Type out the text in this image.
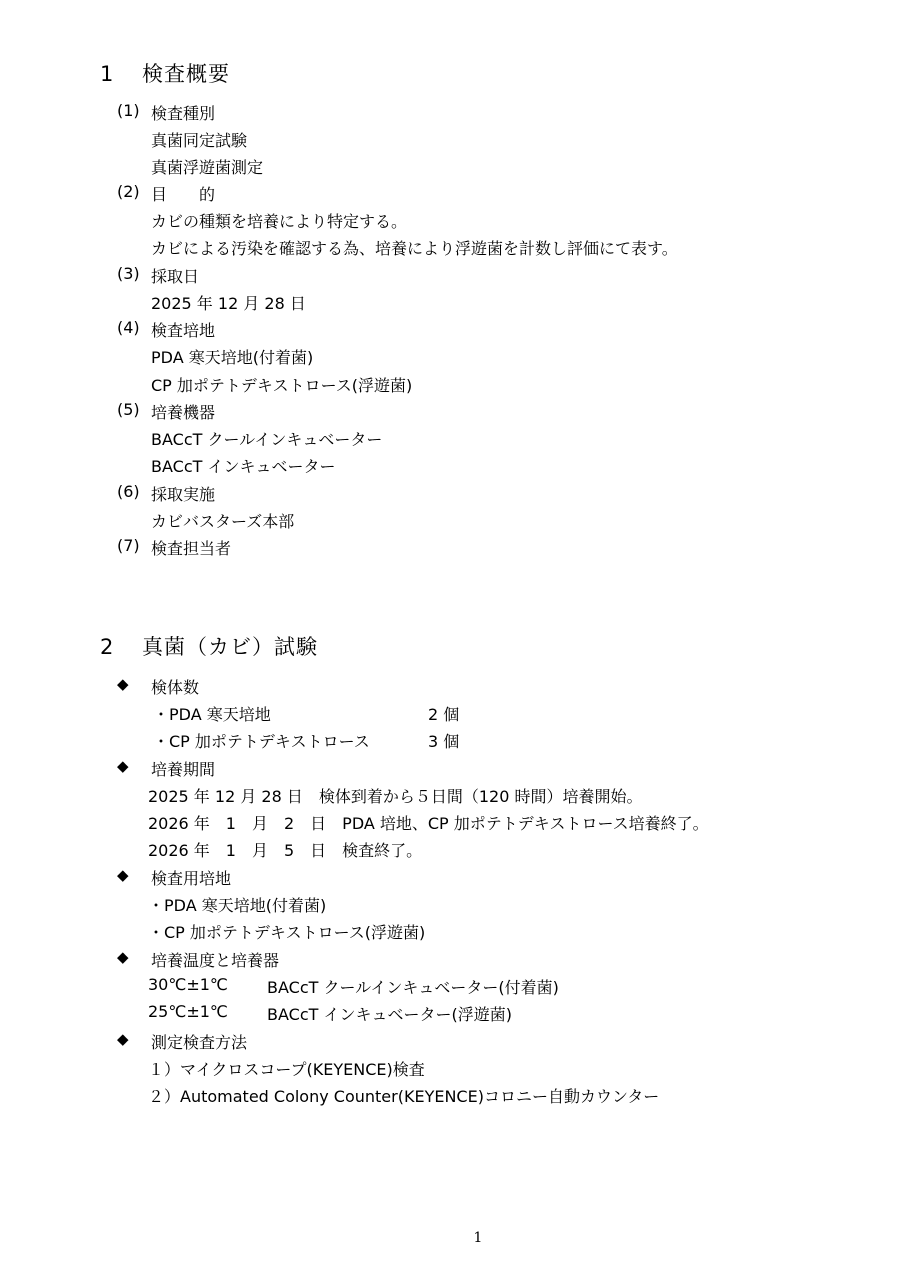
1 検査概要
(1) 検査種別
真菌同定試験
真菌浮遊菌測定
(2) 目　　的
カビの種類を培養により特定する。
カビによる汚染を確認する為、培養により浮遊菌を計数し評価にて表す。
(3) 採取日
2025 年 12 月 28 日
(4) 検査培地
PDA 寒天培地(付着菌)
CP 加ポテトデキストロース(浮遊菌)
(5) 培養機器
BACcT クールインキュベーター
BACcT インキュベーター
(6) 採取実施
カビバスターズ本部
(7) 検査担当者
2 真菌（カビ）試験
◆ 検体数
・PDA 寒天培地	2 個
・CP 加ポテトデキストロース	3 個
◆ 培養期間
2025 年 12 月 28 日　検体到着から５日間（120 時間）培養開始。
2026 年　1　月　2　日　PDA 培地、CP 加ポテトデキストロース培養終了。
2026 年　1　月　5　日　検査終了。
◆ 検査用培地
・PDA 寒天培地(付着菌)
・CP 加ポテトデキストロース(浮遊菌)
◆ 培養温度と培養器
30℃±1℃ BACcT クールインキュベーター(付着菌)
25℃±1℃ BACcT インキュベーター(浮遊菌)
◆ 測定検査方法
１）マイクロスコープ(KEYENCE)検査
２）Automated Colony Counter(KEYENCE)コロニー自動カウンター
1
